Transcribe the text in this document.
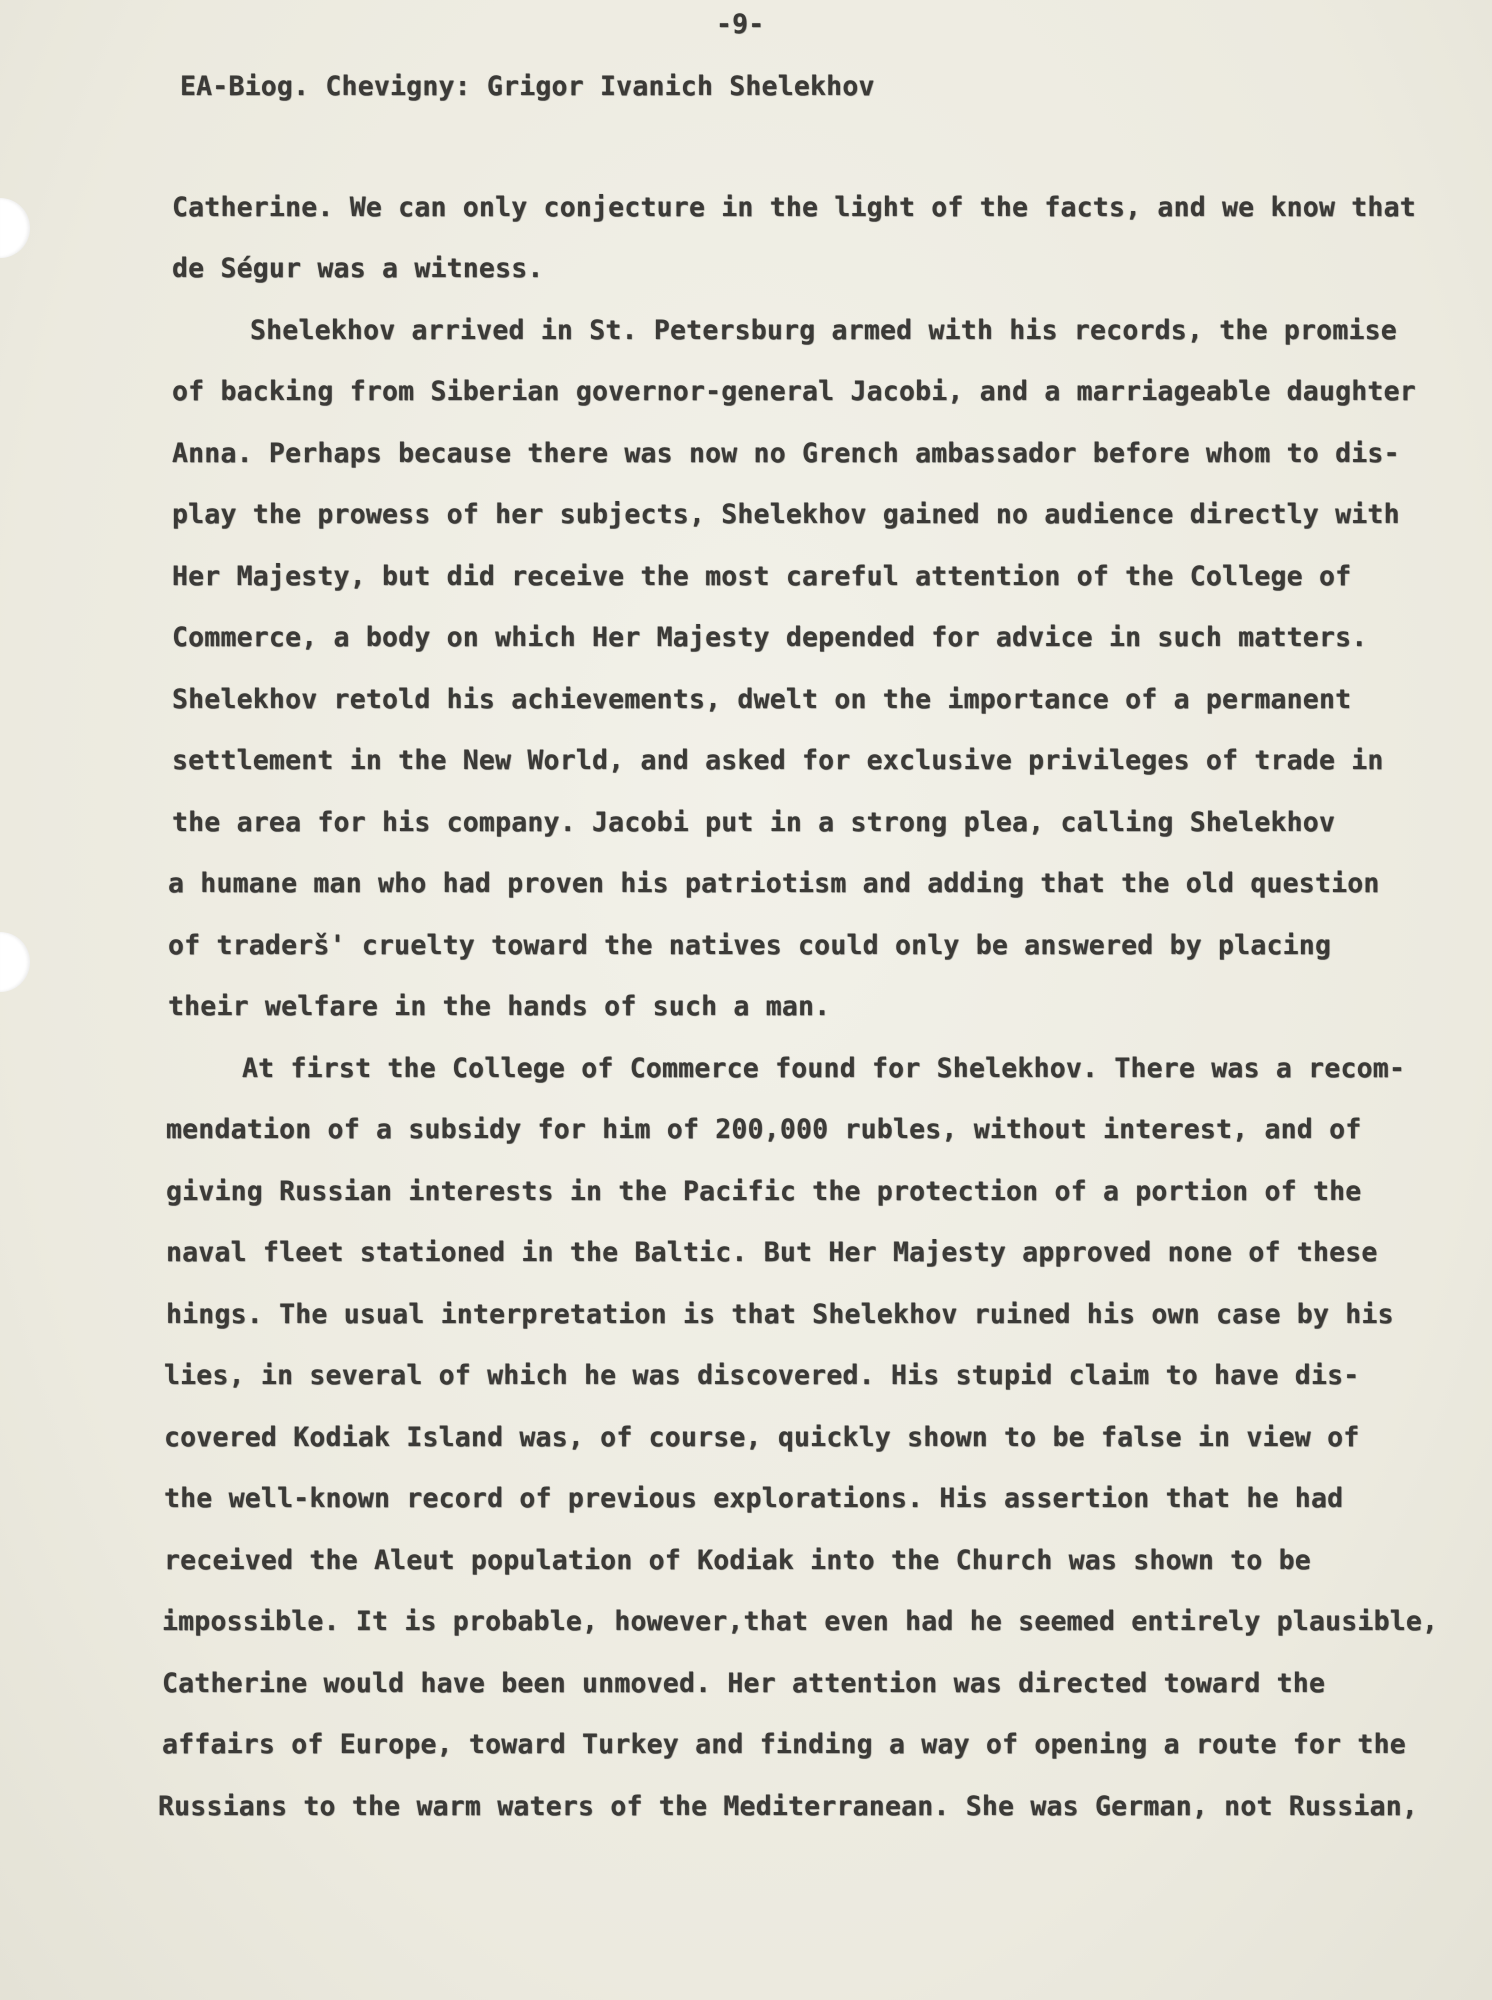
-9-

EA-Biog. Chevigny: Grigor Ivanich Shelekhov

Catherine. We can only conjecture in the light of the facts, and we know that

de Ségur was a witness.

Shelekhov arrived in St. Petersburg armed with his records, the promise

of backing from Siberian governor-general Jacobi, and a marriageable daughter

Anna. Perhaps because there was now no Grench ambassador before whom to dis-

play the prowess of her subjects, Shelekhov gained no audience directly with

Her Majesty, but did receive the most careful attention of the College of

Commerce, a body on which Her Majesty depended for advice in such matters.

Shelekhov retold his achievements, dwelt on the importance of a permanent

settlement in the New World, and asked for exclusive privileges of trade in

the area for his company. Jacobi put in a strong plea, calling Shelekhov

a humane man who had proven his patriotism and adding that the old question

of traderš' cruelty toward the natives could only be answered by placing

their welfare in the hands of such a man.

At first the College of Commerce found for Shelekhov. There was a recom-

mendation of a subsidy for him of 200,000 rubles, without interest, and of

giving Russian interests in the Pacific the protection of a portion of the

naval fleet stationed in the Baltic. But Her Majesty approved none of these

hings. The usual interpretation is that Shelekhov ruined his own case by his

lies, in several of which he was discovered. His stupid claim to have dis-

covered Kodiak Island was, of course, quickly shown to be false in view of

the well-known record of previous explorations. His assertion that he had

received the Aleut population of Kodiak into the Church was shown to be

impossible. It is probable, however,that even had he seemed entirely plausible,

Catherine would have been unmoved. Her attention was directed toward the

affairs of Europe, toward Turkey and finding a way of opening a route for the

Russians to the warm waters of the Mediterranean. She was German, not Russian,
